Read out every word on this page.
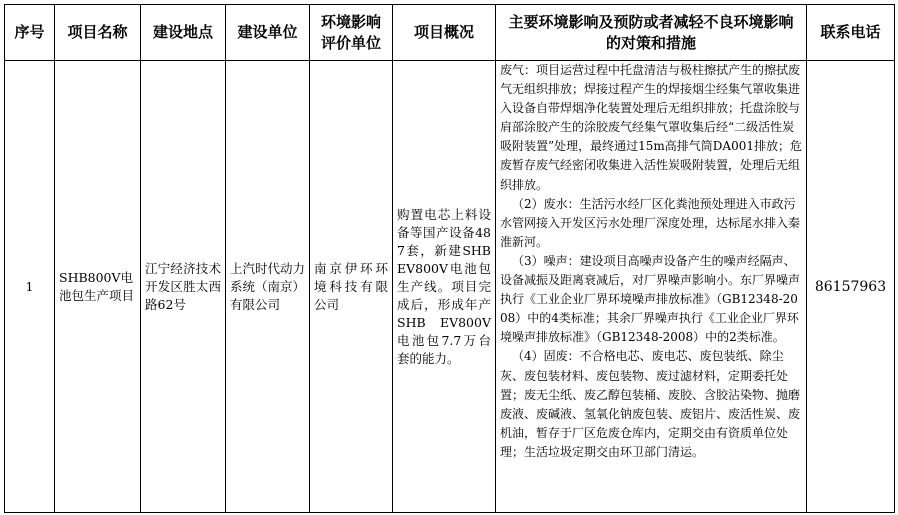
序号	项目名称	建设地点	建设单位	环境影响评价单位	项目概况	主要环境影响及预防或者减轻不良环境影响的对策和措施	联系电话
1	SHB800V电池包生产项目	江宁经济技术开发区胜太西路62号	上汽时代动力系统（南京）有限公司	南京伊环环境科技有限公司	购置电芯上料设备等国产设备487套，新建SHB EV800V电池包生产线。项目完成后，形成年产SHB EV800V电池包7.7万台套的能力。	废气：项目运营过程中托盘清洁与极柱擦拭产生的擦拭废气无组织排放；焊接过程产生的焊接烟尘经集气罩收集进入设备自带焊烟净化装置处理后无组织排放；托盘涂胶与肩部涂胶产生的涂胶废气经集气罩收集后经“二级活性炭吸附装置”处理，最终通过15m高排气筒DA001排放；危废暂存废气经密闭收集进入活性炭吸附装置，处理后无组织排放。

（2）废水：生活污水经厂区化粪池预处理进入市政污水管网接入开发区污水处理厂深度处理，达标尾水排入秦淮新河。

（3）噪声：建设项目高噪声设备产生的噪声经隔声、设备减振及距离衰减后，对厂界噪声影响小。东厂界噪声执行《工业企业厂界环境噪声排放标准》（GB12348-2008）中的4类标准；其余厂界噪声执行《工业企业厂界环境噪声排放标准》（GB12348-2008）中的2类标准。

（4）固废：不合格电芯、废电芯、废包装纸、除尘灰、废包装材料、废包装物、废过滤材料，定期委托处置；废无尘纸、废乙醇包装桶、废胶、含胶沾染物、抛磨废液、废碱液、氢氧化钠废包装、废铝片、废活性炭、废机油，暂存于厂区危废仓库内，定期交由有资质单位处理；生活垃圾定期交由环卫部门清运。	86157963
